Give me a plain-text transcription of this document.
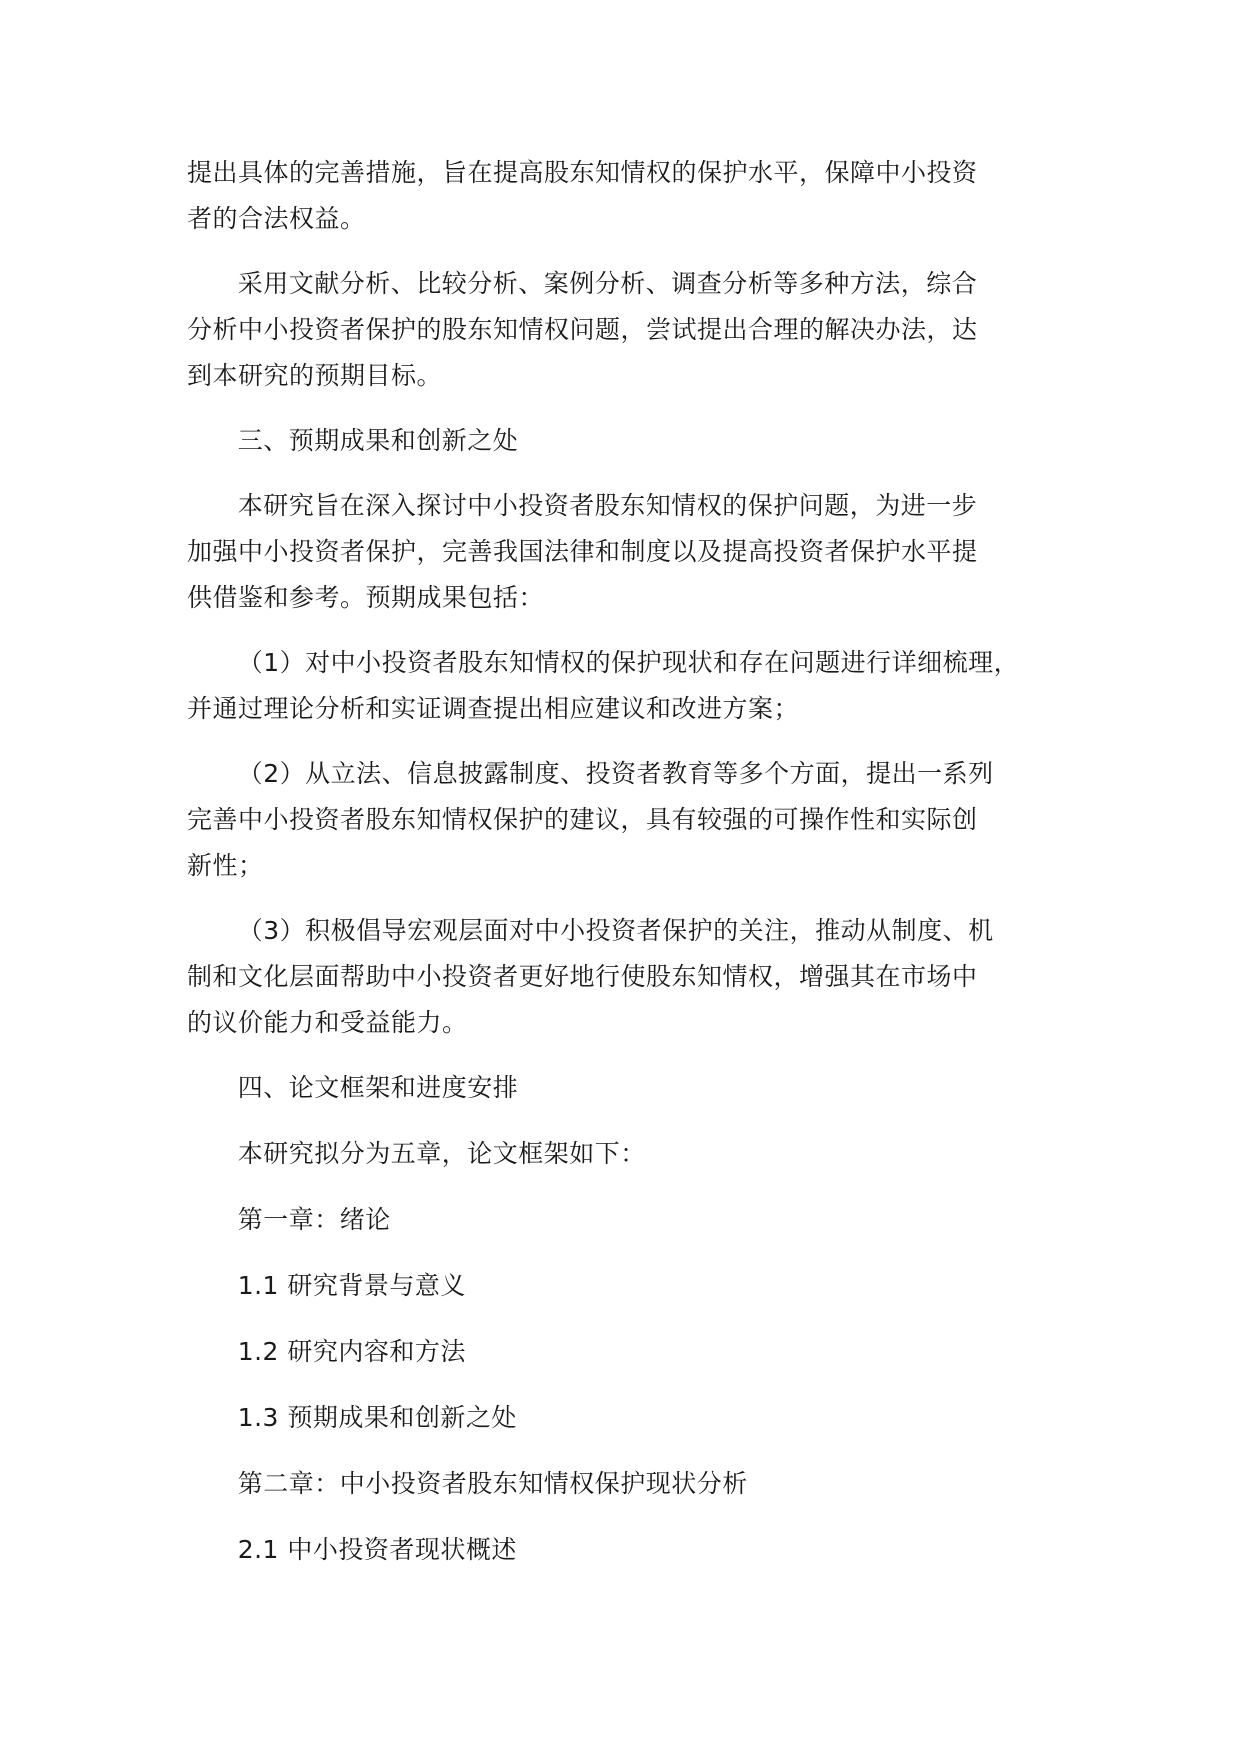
提出具体的完善措施，旨在提高股东知情权的保护水平，保障中小投资

者的合法权益。

采用文献分析、比较分析、案例分析、调查分析等多种方法，综合

分析中小投资者保护的股东知情权问题，尝试提出合理的解决办法，达

到本研究的预期目标。

三、预期成果和创新之处

本研究旨在深入探讨中小投资者股东知情权的保护问题，为进一步

加强中小投资者保护，完善我国法律和制度以及提高投资者保护水平提

供借鉴和参考。预期成果包括：

（1）对中小投资者股东知情权的保护现状和存在问题进行详细梳理，

并通过理论分析和实证调查提出相应建议和改进方案；

（2）从立法、信息披露制度、投资者教育等多个方面，提出一系列

完善中小投资者股东知情权保护的建议，具有较强的可操作性和实际创

新性；

（3）积极倡导宏观层面对中小投资者保护的关注，推动从制度、机

制和文化层面帮助中小投资者更好地行使股东知情权，增强其在市场中

的议价能力和受益能力。

四、论文框架和进度安排

本研究拟分为五章，论文框架如下：

第一章：绪论

1.1 研究背景与意义

1.2 研究内容和方法

1.3 预期成果和创新之处

第二章：中小投资者股东知情权保护现状分析

2.1 中小投资者现状概述
